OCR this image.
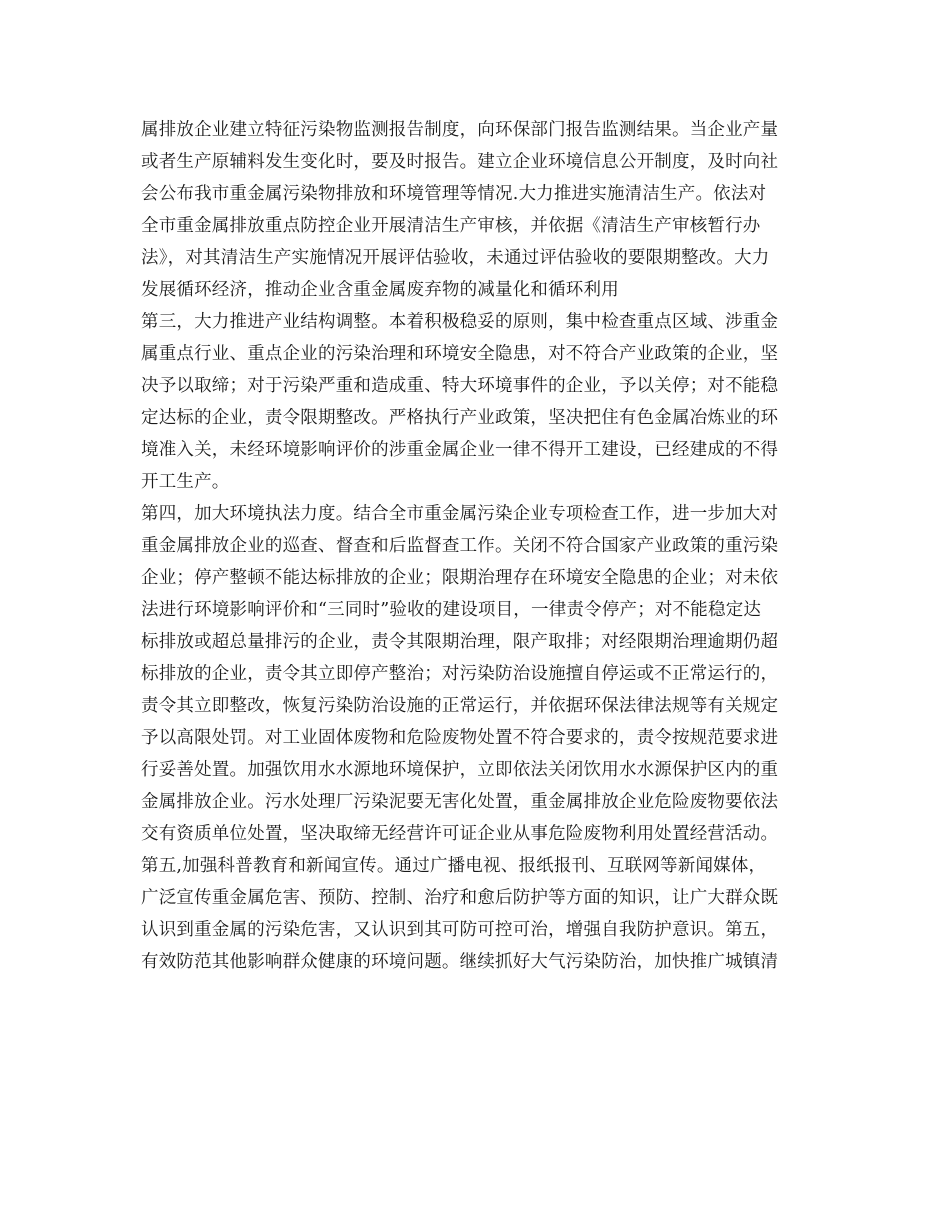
属排放企业建立特征污染物监测报告制度，向环保部门报告监测结果。当企业产量
或者生产原辅料发生变化时，要及时报告。建立企业环境信息公开制度，及时向社
会公布我市重金属污染物排放和环境管理等情况.大力推进实施清洁生产。依法对
全市重金属排放重点防控企业开展清洁生产审核，并依据《清洁生产审核暂行办
法》，对其清洁生产实施情况开展评估验收，未通过评估验收的要限期整改。大力
发展循环经济，推动企业含重金属废弃物的减量化和循环利用
第三，大力推进产业结构调整。本着积极稳妥的原则，集中检查重点区域、涉重金
属重点行业、重点企业的污染治理和环境安全隐患，对不符合产业政策的企业，坚
决予以取缔；对于污染严重和造成重、特大环境事件的企业，予以关停；对不能稳
定达标的企业，责令限期整改。严格执行产业政策，坚决把住有色金属冶炼业的环
境准入关，未经环境影响评价的涉重金属企业一律不得开工建设，已经建成的不得
开工生产。
第四，加大环境执法力度。结合全市重金属污染企业专项检查工作，进一步加大对
重金属排放企业的巡查、督查和后监督查工作。关闭不符合国家产业政策的重污染
企业；停产整顿不能达标排放的企业；限期治理存在环境安全隐患的企业；对未依
法进行环境影响评价和“三同时”验收的建设项目，一律责令停产；对不能稳定达
标排放或超总量排污的企业，责令其限期治理，限产取排；对经限期治理逾期仍超
标排放的企业，责令其立即停产整治；对污染防治设施擅自停运或不正常运行的，
责令其立即整改，恢复污染防治设施的正常运行，并依据环保法律法规等有关规定
予以高限处罚。对工业固体废物和危险废物处置不符合要求的，责令按规范要求进
行妥善处置。加强饮用水水源地环境保护，立即依法关闭饮用水水源保护区内的重
金属排放企业。污水处理厂污染泥要无害化处置，重金属排放企业危险废物要依法
交有资质单位处置，坚决取缔无经营许可证企业从事危险废物利用处置经营活动。
第五,加强科普教育和新闻宣传。通过广播电视、报纸报刊、互联网等新闻媒体，
广泛宣传重金属危害、预防、控制、治疗和愈后防护等方面的知识，让广大群众既
认识到重金属的污染危害，又认识到其可防可控可治，增强自我防护意识。第五，
有效防范其他影响群众健康的环境问题。继续抓好大气污染防治，加快推广城镇清
